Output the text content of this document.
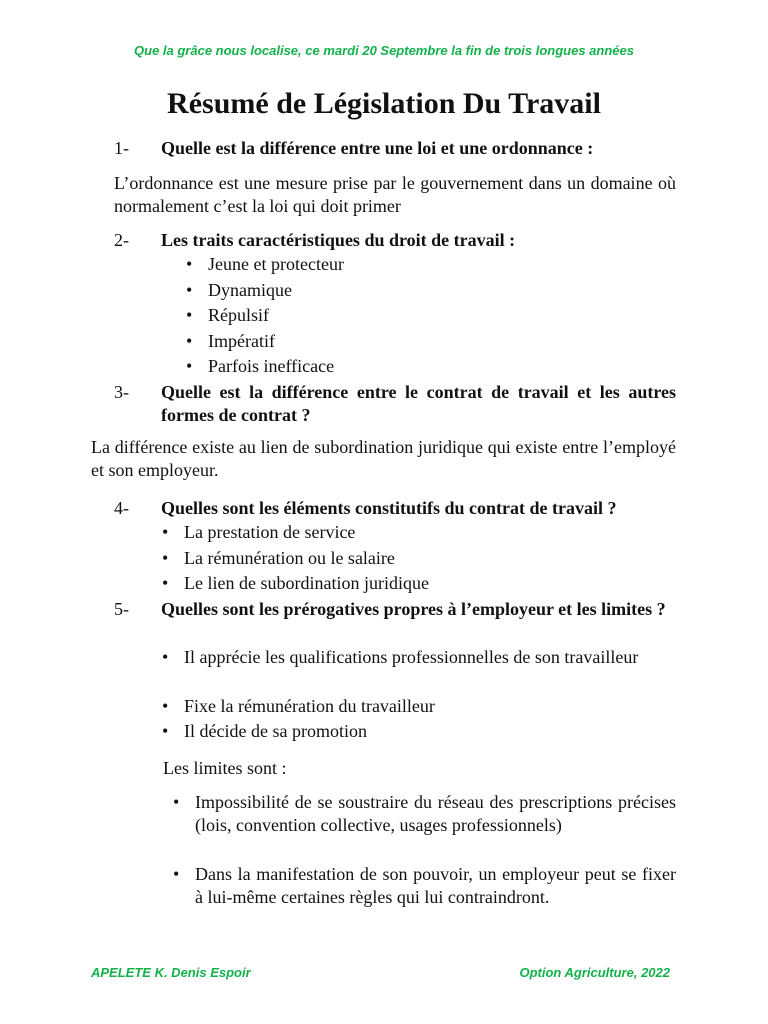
Que la grâce nous localise, ce mardi 20 Septembre la fin de trois longues années
Résumé de Législation Du Travail
1- Quelle est la différence entre une loi et une ordonnance :
L’ordonnance est une mesure prise par le gouvernement dans un domaine où normalement c’est la loi qui doit primer
2- Les traits caractéristiques du droit de travail :
• Jeune et protecteur
• Dynamique
• Répulsif
• Impératif
• Parfois inefficace
3- Quelle est la différence entre le contrat de travail et les autres formes de contrat ?
La différence existe au lien de subordination juridique qui existe entre l’employé et son employeur.
4- Quelles sont les éléments constitutifs du contrat de travail ?
• La prestation de service
• La rémunération ou le salaire
• Le lien de subordination juridique
5- Quelles sont les prérogatives propres à l’employeur et les limites ?
• Il apprécie les qualifications professionnelles de son travailleur
• Fixe la rémunération du travailleur
• Il décide de sa promotion
Les limites sont :
• Impossibilité de se soustraire du réseau des prescriptions précises (lois, convention collective, usages professionnels)
• Dans la manifestation de son pouvoir, un employeur peut se fixer à lui-même certaines règles qui lui contraindront.
APELETE K. Denis Espoir	Option Agriculture, 2022
